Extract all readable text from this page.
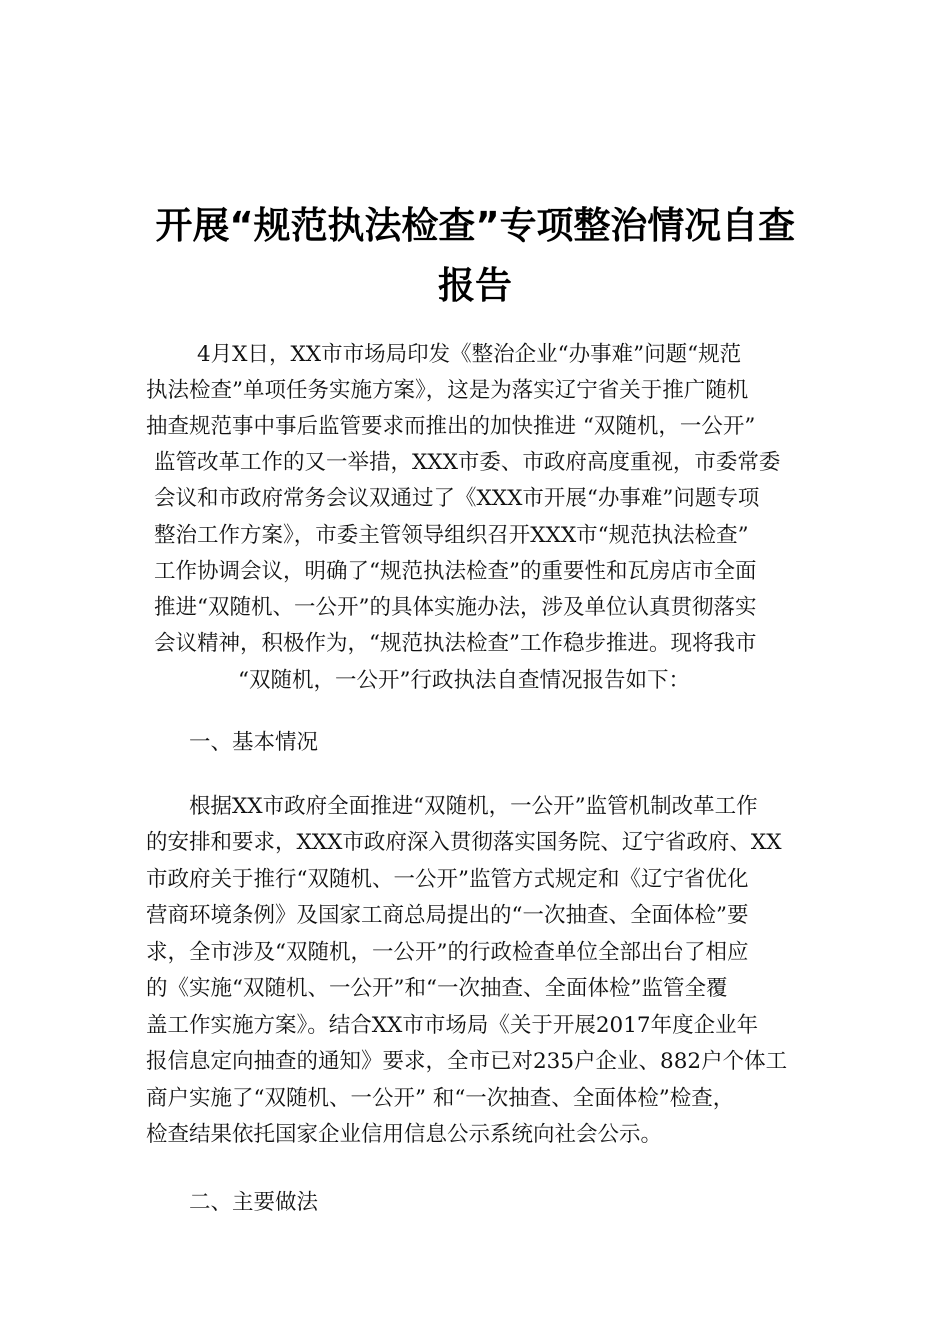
开展“规范执法检查”专项整治情况自查
报告
4月X日，XX市市场局印发《整治企业“办事难”问题“规范
执法检查”单项任务实施方案》，这是为落实辽宁省关于推广随机
抽查规范事中事后监管要求而推出的加快推进 “双随机，一公开”
监管改革工作的又一举措，XXX市委、市政府高度重视，市委常委
会议和市政府常务会议双通过了《XXX市开展“办事难”问题专项
整治工作方案》，市委主管领导组织召开XXX市“规范执法检查”
工作协调会议，明确了“规范执法检查”的重要性和瓦房店市全面
推进“双随机、一公开”的具体实施办法，涉及单位认真贯彻落实
会议精神，积极作为，“规范执法检查”工作稳步推进。现将我市
“双随机，一公开”行政执法自查情况报告如下：
一、基本情况
根据XX市政府全面推进“双随机，一公开”监管机制改革工作
的安排和要求，XXX市政府深入贯彻落实国务院、辽宁省政府、XX
市政府关于推行“双随机、一公开”监管方式规定和《辽宁省优化
营商环境条例》及国家工商总局提出的“一次抽查、全面体检”要
求，全市涉及“双随机，一公开”的行政检查单位全部出台了相应
的《实施“双随机、一公开”和“一次抽查、全面体检”监管全覆
盖工作实施方案》。结合XX市市场局《关于开展2017年度企业年
报信息定向抽查的通知》要求，全市已对235户企业、882户个体工
商户实施了“双随机、一公开” 和“一次抽查、全面体检”检查，
检查结果依托国家企业信用信息公示系统向社会公示。
二、主要做法
